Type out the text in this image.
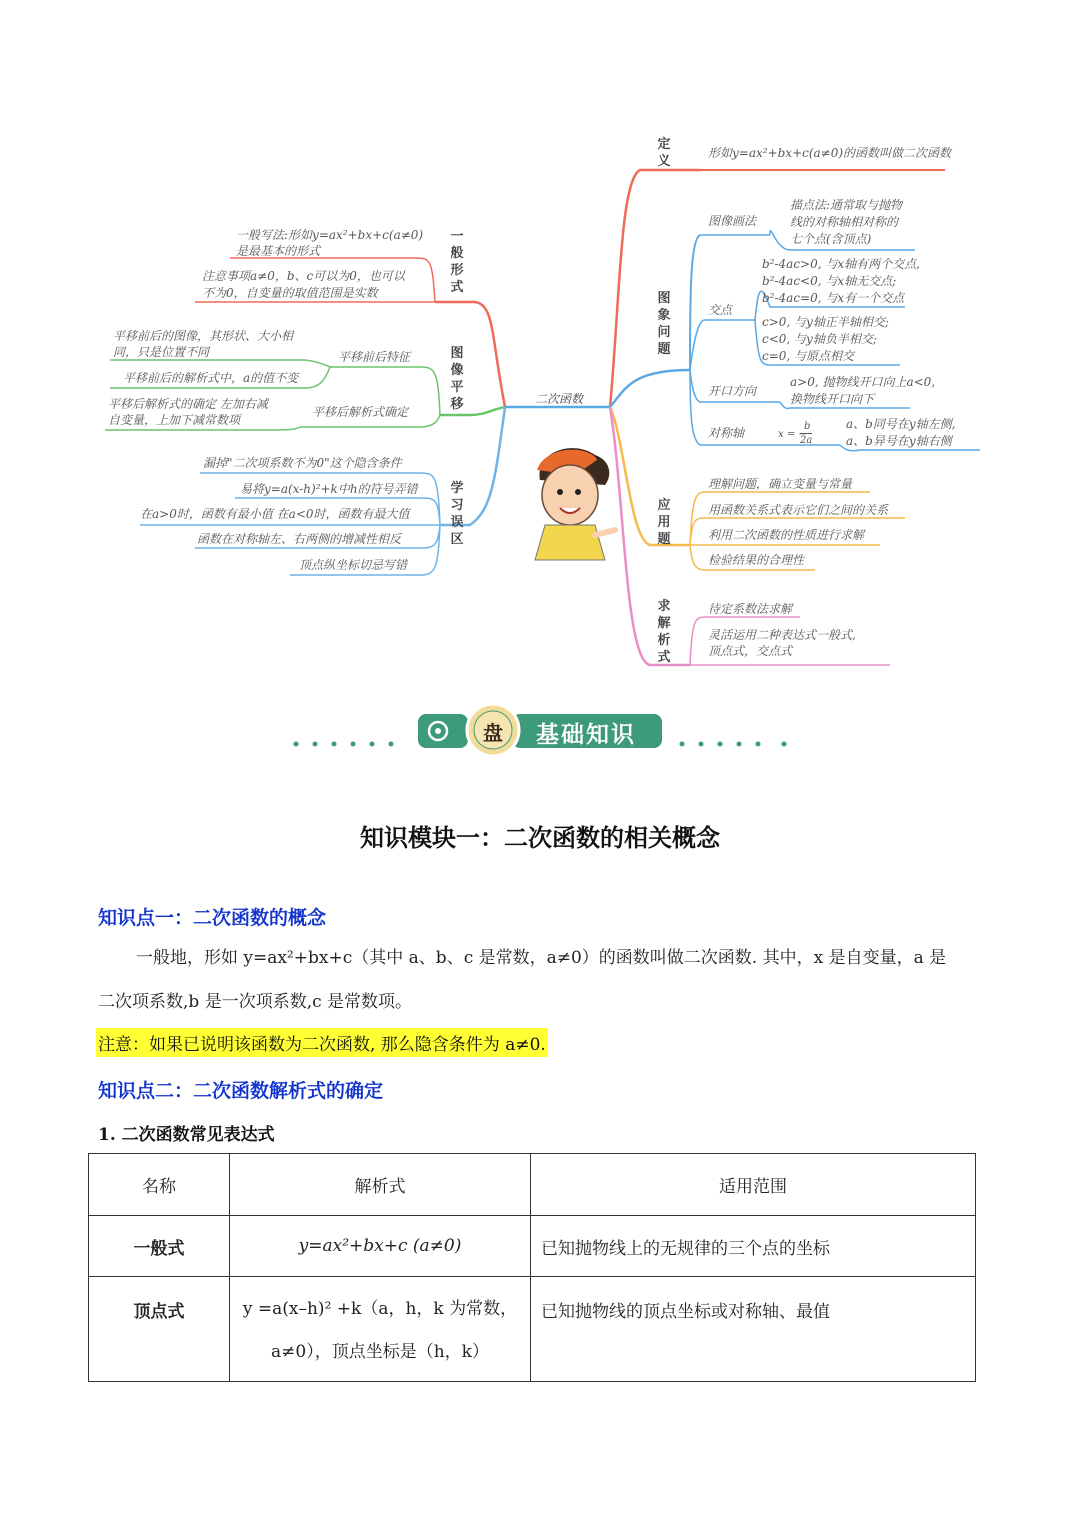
二次函数
定义
形如y=ax²+bx+c(a≠0)的函数叫做二次函数
图象问题
图像画法
描点法:通常取与抛物
线的对称轴相对称的
七个点(含顶点)
交点
b²-4ac>0, 与x轴有两个交点,
b²-4ac<0, 与x轴无交点;
b²-4ac=0, 与x有一个交点
c>0, 与y轴正半轴相交;
c<0, 与y轴负半相交;
c=0, 与原点相交
开口方向
a>0, 抛物线开口向上a<0,
换物线开口向下
对称轴	x = −
b
2a
a、b同号在y轴左侧,
a、b异号在y轴右侧
应用题
理解问题，确立变量与常量
用函数关系式表示它们之间的关系
利用二次函数的性质进行求解
检验结果的合理性
求解析式
待定系数法求解
灵活运用二种表达式一般式,
顶点式，交点式
一般形式
一般写法:形如y=ax²+bx+c(a≠0)
是最基本的形式
注意事项a≠0，b、c可以为0，也可以
不为0，自变量的取值范围是实数
图像平移
平移前后特征
平移前后的图像，其形状、大小相
同，只是位置不同
平移前后的解析式中，a的值不变
平移后解析式确定
平移后解析式的确定 左加右减
自变量，上加下减常数项
学习误区
漏掉"二次项系数不为0"这个隐含条件
易将y=a(x-h)²+k中h的符号弄错
在a>0时，函数有最小值 在a<0时，函数有最大值
函数在对称轴左、右两侧的增减性相反
顶点纵坐标切忌写错
盘 基础知识
知识模块一：二次函数的相关概念
知识点一：二次函数的概念
一般地，形如 y=ax²+bx+c（其中 a、b、c 是常数，a≠0）的函数叫做二次函数. 其中，x 是自变量，a 是
二次项系数,b 是一次项系数,c 是常数项。
注意：如果已说明该函数为二次函数, 那么隐含条件为 a≠0.
知识点二：二次函数解析式的确定
1. 二次函数常见表达式
名称	解析式	适用范围
一般式	y=ax²+bx+c (a≠0)	已知抛物线上的无规律的三个点的坐标
顶点式	y =a(x–h)² +k（a，h，k 为常数，
a≠0），顶点坐标是（h，k）	已知抛物线的顶点坐标或对称轴、最值
